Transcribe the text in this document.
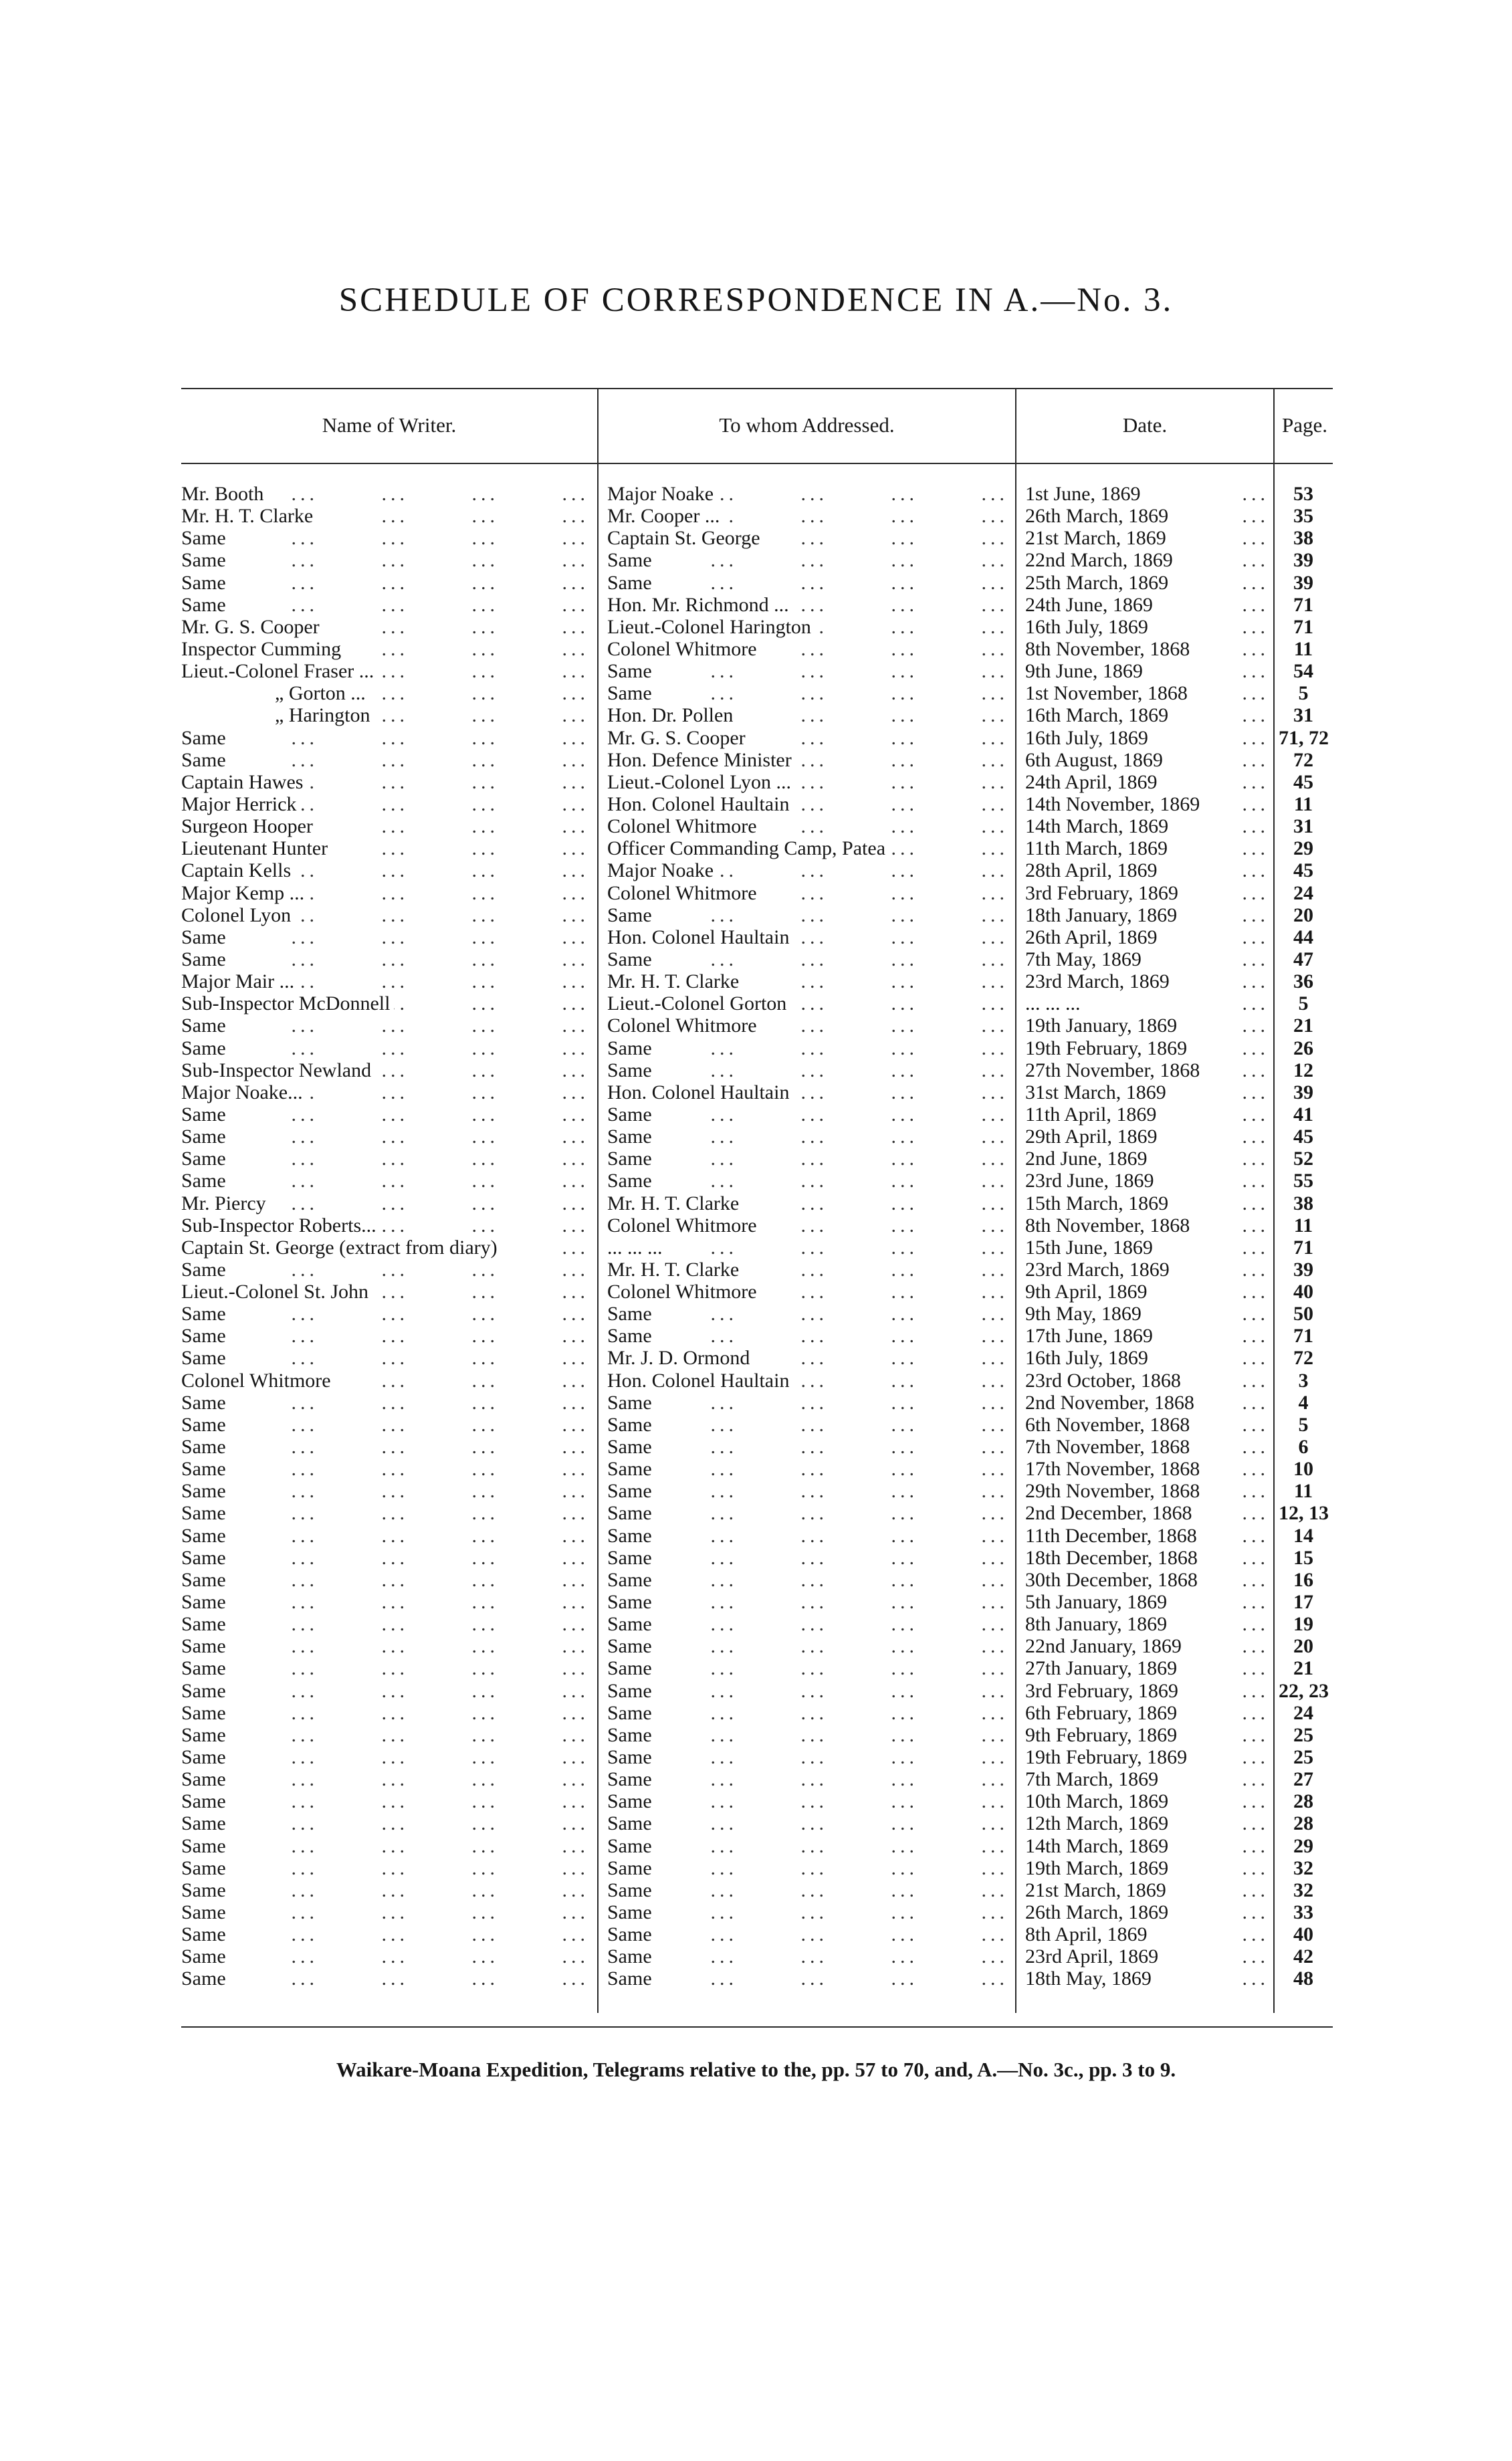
SCHEDULE OF CORRESPONDENCE IN A.—No. 3.
Name of Writer.	To whom Addressed.	Date.	Page.
...
Mr. Booth ...	Major Noake ...	1st June, 1869	53
...
Mr. H. T. Clarke ...	Mr. Cooper ... ...	26th March, 1869	35
...
Same ...	Captain St. George ...	21st March, 1869	38
...
Same ...	Same ...	22nd March, 1869	39
...
Same ...	Same ...	25th March, 1869	39
...
Same ...	Hon. Mr. Richmond ... ...	24th June, 1869	71
...
Mr. G. S. Cooper ...	Lieut.-Colonel Harington ...	16th July, 1869	71
...
Inspector Cumming ...	Colonel Whitmore ...	8th November, 1868	11
...
Lieut.-Colonel Fraser ... ...	Same ...	9th June, 1869	54
...
„ Gorton ... ...	Same ...	1st November, 1868	5
...
„ Harington ...	Hon. Dr. Pollen ...	16th March, 1869	31
...
Same ...	Mr. G. S. Cooper ...	16th July, 1869	71, 72
...
Same ...	Hon. Defence Minister ...	6th August, 1869	72
...
Captain Hawes ...	Lieut.-Colonel Lyon ... ...	24th April, 1869	45
...
Major Herrick ...	Hon. Colonel Haultain ...	14th November, 1869	11
...
Surgeon Hooper ...	Colonel Whitmore ...	14th March, 1869	31
...
Lieutenant Hunter ...	Officer Commanding Camp, Patea ...	11th March, 1869	29
...
Captain Kells ...	Major Noake ...	28th April, 1869	45
...
Major Kemp ... ...	Colonel Whitmore ...	3rd February, 1869	24
...
Colonel Lyon ...	Same ...	18th January, 1869	20
...
Same ...	Hon. Colonel Haultain ...	26th April, 1869	44
...
Same ...	Same ...	7th May, 1869	47
...
Major Mair ... ...	Mr. H. T. Clarke ...	23rd March, 1869	36
...
Sub-Inspector McDonnell ...	Lieut.-Colonel Gorton ...	... ... ...	5
...
Same ...	Colonel Whitmore ...	19th January, 1869	21
...
Same ...	Same ...	19th February, 1869	26
...
Sub-Inspector Newland ...	Same ...	27th November, 1868	12
...
Major Noake... ...	Hon. Colonel Haultain ...	31st March, 1869	39
...
Same ...	Same ...	11th April, 1869	41
...
Same ...	Same ...	29th April, 1869	45
...
Same ...	Same ...	2nd June, 1869	52
...
Same ...	Same ...	23rd June, 1869	55
...
Mr. Piercy ...	Mr. H. T. Clarke ...	15th March, 1869	38
...
Sub-Inspector Roberts... ...	Colonel Whitmore ...	8th November, 1868	11
...
Captain St. George (extract from diary) ...	... ... ... ...	15th June, 1869	71
...
Same ...	Mr. H. T. Clarke ...	23rd March, 1869	39
...
Lieut.-Colonel St. John ...	Colonel Whitmore ...	9th April, 1869	40
...
Same ...	Same ...	9th May, 1869	50
...
Same ...	Same ...	17th June, 1869	71
...
Same ...	Mr. J. D. Ormond ...	16th July, 1869	72
...
Colonel Whitmore ...	Hon. Colonel Haultain ...	23rd October, 1868	3
...
Same ...	Same ...	2nd November, 1868	4
...
Same ...	Same ...	6th November, 1868	5
...
Same ...	Same ...	7th November, 1868	6
...
Same ...	Same ...	17th November, 1868	10
...
Same ...	Same ...	29th November, 1868	11
...
Same ...	Same ...	2nd December, 1868	12, 13
...
Same ...	Same ...	11th December, 1868	14
...
Same ...	Same ...	18th December, 1868	15
...
Same ...	Same ...	30th December, 1868	16
...
Same ...	Same ...	5th January, 1869	17
...
Same ...	Same ...	8th January, 1869	19
...
Same ...	Same ...	22nd January, 1869	20
...
Same ...	Same ...	27th January, 1869	21
...
Same ...	Same ...	3rd February, 1869	22, 23
...
Same ...	Same ...	6th February, 1869	24
...
Same ...	Same ...	9th February, 1869	25
...
Same ...	Same ...	19th February, 1869	25
...
Same ...	Same ...	7th March, 1869	27
...
Same ...	Same ...	10th March, 1869	28
...
Same ...	Same ...	12th March, 1869	28
...
Same ...	Same ...	14th March, 1869	29
...
Same ...	Same ...	19th March, 1869	32
...
Same ...	Same ...	21st March, 1869	32
...
Same ...	Same ...	26th March, 1869	33
...
Same ...	Same ...	8th April, 1869	40
...
Same ...	Same ...	23rd April, 1869	42
...
Same ...	Same ...	18th May, 1869	48
Waikare-Moana Expedition, Telegrams relative to the, pp. 57 to 70, and, A.—No. 3c., pp. 3 to 9.
